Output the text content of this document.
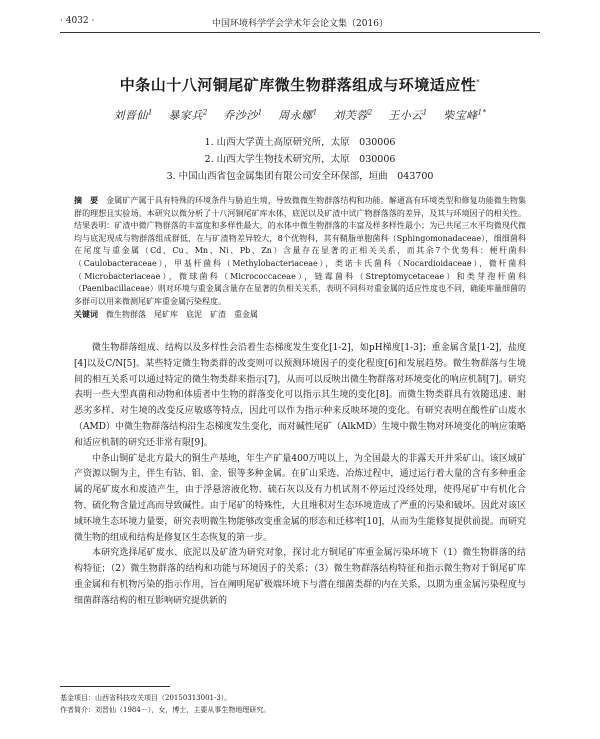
· 4032 ·	中国环境科学学会学术年会论文集（2016）
中条山十八河铜尾矿库微生物群落组成与环境适应性*
刘晋仙$^1$　 暴家兵$^2$　 乔沙沙$^1$　 周永娜$^1$　 刘芙蓉$^2$　 王小云$^1$　 柴宝峰$^{1*}$
1. 山西大学黄土高原研究所，太原　030006
2. 山西大学生物技术研究所，太原　030006
3. 中国山西省包金属集团有限公司安全环保部，垣曲　043700
摘　要 金属矿产属于具有特殊的环境条件与胁迫生境，导致微微生物群落结构和功能。解通高有环境类型和修复功能微生物集群的理想且实验场。本研究以微分析了十八河铜尾矿库水体，底泥以及矿渣中试广物群落落的差异，及其与环境因子的相关性。结果表明：矿渣中微广物群落的丰富度和多样性最大，的水体中微生物群落的丰富及样多样性最小；为已共尾三水平均微现代微均与底泥现成与物群落组成群低，在与矿渣物差异较大，8个优物科，其有鞘脂单胞菌科（Sphingomonadaceae），细细菌科在尾度与重金属（Cd、Cu、Mn、Ni、Pb、Zn）含量存在显著的正相关关系，而其余7个优势科：梗杆菌科（Caulobacteraceae），甲基杆菌科（Methylobacteriaceae），类诺卡氏菌科（Nocardioidaceae），微杆菌科（Microbacteriaceae），微球菌科（Micrococcaceae），链霉菌科（Streptomycetaceae）和类芽孢杆菌科（Paenibacillaceae）则对环境与重金属含量存在显著的负相关关系，表明不同科对重金属的适应性度也不同，确能库量细菌的多群可以用来微测尾矿库重金属污染程度。
关键词 微生物群落　尾矿库　底泥　矿渣　重金属

微生物群落组成、结构以及多样性会沿着生态梯度发生变化[1-2]，如pH梯度[1-3]；重金属含量[1-2]，盐度[4]以及C/N[5]。某些特定微生物类群的改变则可以预测环境因子的变化程度[6]和发展趋势。微生物群落与生境间的相互关系可以通过特定的微生物类群来指示[7]，从而可以反映出微生物群落对环境变化的响应机制[7]。研究表明一些大型真菌和动物和体质者中生物的群落变化可以指示其生境的变化[8]。而微生物类群具有效随迅速、耐恶劣多样、对生境的改变反应敏感等特点，因此可以作为指示种来反映环境的变化。有研究表明在酸性矿山废水（AMD）中微生物群落结构沿生态梯度发生变化，而对碱性尾矿（AlkMD）生境中微生物对环境变化的响应策略和适应机制的研究还非常有限[9]。

中条山铜矿是北方最大的铜生产基地，年生产矿量400万吨以上，为全国最大的非露天开并采矿山。该区域矿产资源以铜为主，伴生有钴、钼、金、银等多种金属。在矿山采选、冶炼过程中，通过运行着大量的含有多种重金属的尾矿废水和废渣产生，由于浮悬溶液化物、硫石灰以及有力机试剂不停运过没经处理，使得尾矿中有机化合物、硫化物含量过高而导致碱性。由于尾矿的特殊性，大且堆积对生态环境造成了严重的污染和破坏。因此对该区域环境生态环境力量要，研究表明微生物能够改变重金属的形态和迁移率[10]，从而为生能修复提供前提。而研究微生物的组成和结构是修复区生态恢复的第一步。

本研究选择尾矿废水、底泥以及矿渣为研究对象，探讨北方铜尾矿库重金属污染环境下（1）微生物群落的结构特征；（2）微生物群落的结构和功能与环境因子的关系；（3）微生物群落结构特征和指示微生物对于铜尾矿库重金属和有机物污染的指示作用，旨在阐明尾矿极端环境下与潜在细菌类群的内在关系，以期为重金属污染程度与细菌群落结构的相互影响研究提供新的

基金项目：山西省科技攻关项目（20150313001-3）。
作者简介：刘晋仙（1984－），女，博士，主要从事生物地理研究。
